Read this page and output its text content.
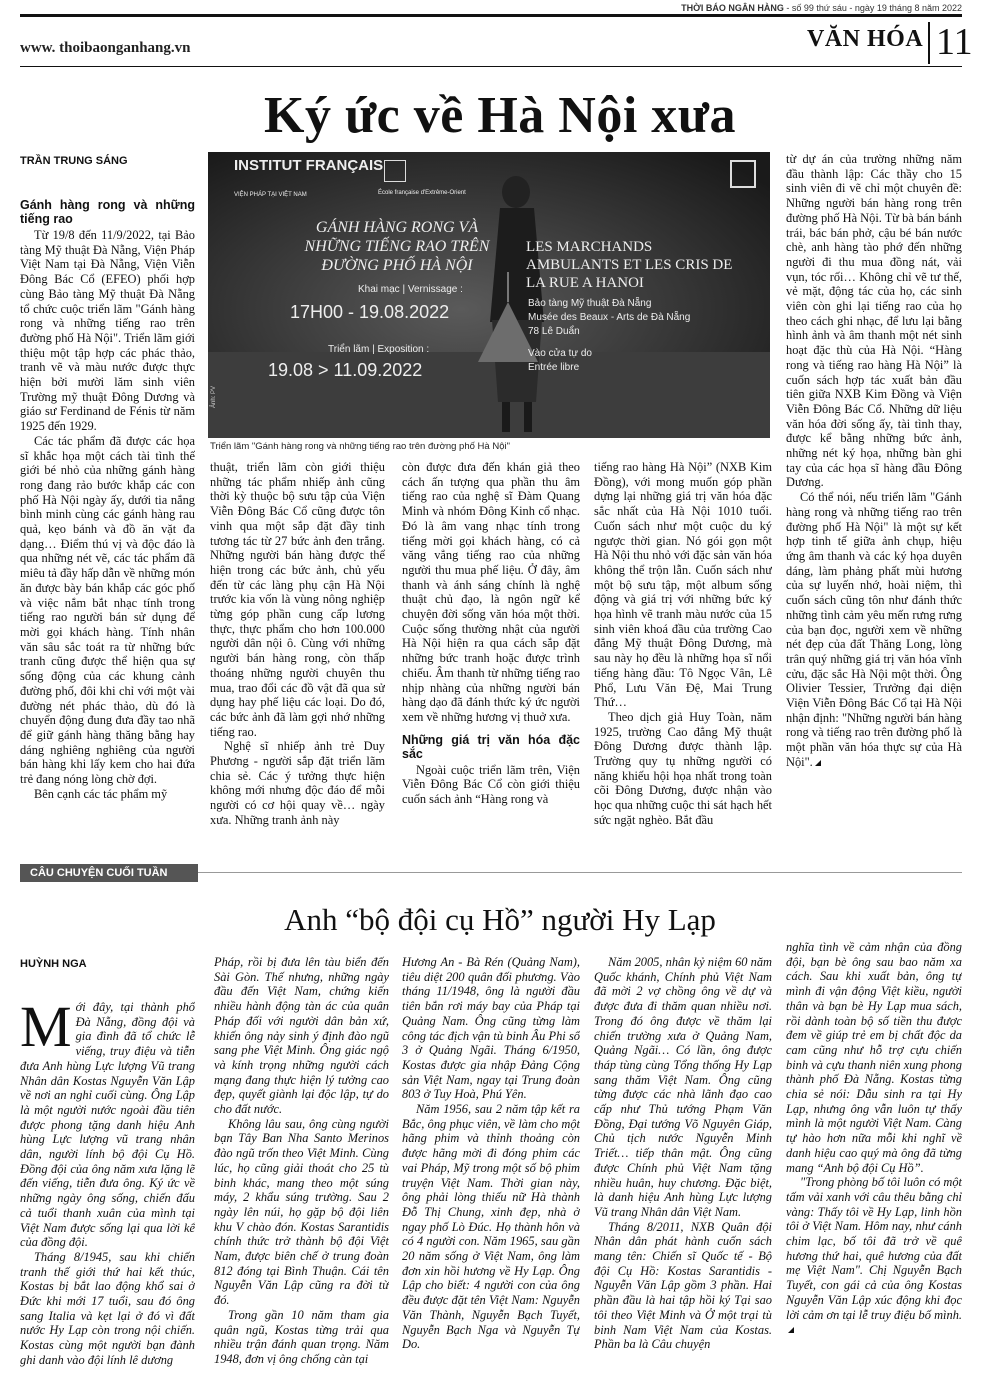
THỜI BÁO NGÂN HÀNG - số 99 thứ sáu - ngày 19 tháng 8 năm 2022
www. thoibaonganhang.vn	VĂN HÓA 11
Ký ức về Hà Nội xưa
TRẦN TRUNG SÁNG
Gánh hàng rong và những tiếng rao

Từ 19/8 đến 11/9/2022, tại Bảo tàng Mỹ thuật Đà Nẵng, Viện Pháp Việt Nam tại Đà Nẵng, Viện Viễn Đông Bác Cổ (EFEO) phối hợp cùng Bảo tàng Mỹ thuật Đà Nẵng tổ chức cuộc triển lãm "Gánh hàng rong và những tiếng rao trên đường phố Hà Nội". Triển lãm giới thiệu một tập hợp các phác thảo, tranh vẽ và màu nước được thực hiện bởi mười lăm sinh viên Trường mỹ thuật Đông Dương và giáo sư Ferdinand de Fénis từ năm 1925 đến 1929.

Các tác phẩm đã được các họa sĩ khắc họa một cách tài tình thế giới bé nhỏ của những gánh hàng rong đang rảo bước khắp các con phố Hà Nội ngày ấy, dưới tia nắng bình minh cùng các gánh hàng rau quả, kẹo bánh và đồ ăn vặt đa dạng… Điểm thú vị và độc đáo là qua những nét vẽ, các tác phẩm đã miêu tả đầy hấp dẫn về những món ăn được bày bán khắp các góc phố và việc nắm bắt nhạc tính trong tiếng rao người bán sử dụng để mời gọi khách hàng. Tính nhân văn sâu sắc toát ra từ những bức tranh cũng được thể hiện qua sự sống động của các khung cảnh đường phố, đôi khi chỉ với một vài đường nét phác thảo, dù đó là chuyển động đung đưa đầy tao nhã để giữ gánh hàng thăng bằng hay dáng nghiêng nghiêng của người bán hàng khi lấy kem cho hai đứa trẻ đang nóng lòng chờ đợi.

Bên cạnh các tác phẩm mỹ

INSTITUT FRANÇAIS
VIỆN PHÁP TẠI VIỆT NAM	École française d'Extrême-Orient
GÁNH HÀNG RONG VÀ NHỮNG TIẾNG RAO TRÊN ĐƯỜNG PHỐ HÀ NỘI
LES MARCHANDS AMBULANTS ET LES CRIS DE LA RUE A HANOI
Khai mạc | Vernissage :
17H00 - 19.08.2022	Bảo tàng Mỹ thuật Đà Nẵng
Musée des Beaux - Arts de Đà Nẵng
78 Lê Duẩn
Triển lãm | Exposition :
19.08 > 11.09.2022
Vào cửa tự do
Entrée libre
Ảnh: PV
Triển lãm "Gánh hàng rong và những tiếng rao trên đường phố Hà Nội"

thuật, triển lãm còn giới thiệu những tác phẩm nhiếp ảnh cũng thời kỳ thuộc bộ sưu tập của Viện Viễn Đông Bác Cổ cũng được tôn vinh qua một sắp đặt đầy tinh tương tác từ 27 bức ảnh đen trắng. Những người bán hàng được thể hiện trong các bức ảnh, chủ yếu đến từ các làng phụ cận Hà Nội trước kia vốn là vùng nông nghiệp từng góp phần cung cấp lương thực, thực phẩm cho hơn 100.000 người dân nội ô. Cùng với những người bán hàng rong, còn thấp thoáng những người chuyên thu mua, trao đổi các đồ vật đã qua sử dụng hay phế liệu các loại. Do đó, các bức ảnh đã làm gợi nhớ những tiếng rao.

Nghệ sĩ nhiếp ảnh trẻ Duy Phương - người sắp đặt triển lãm chia sẻ. Các ý tưởng thực hiện không mới nhưng độc đáo để mỗi người có cơ hội quay về… ngày xưa. Những tranh ảnh này

còn được đưa đến khán giả theo cách ấn tượng qua phần thu âm tiếng rao của nghệ sĩ Đàm Quang Minh và nhóm Đông Kinh cổ nhạc. Đó là âm vang nhạc tính trong tiếng mời gọi khách hàng, có cả văng vẳng tiếng rao của những người thu mua phế liệu. Ở đây, âm thanh và ánh sáng chính là nghệ thuật chủ đạo, là ngôn ngữ kể chuyện đời sống văn hóa một thời. Cuộc sống thường nhật của người Hà Nội hiện ra qua cách sắp đặt những bức tranh hoặc được trình chiếu. Âm thanh từ những tiếng rao nhịp nhàng của những người bán hàng dạo đã đánh thức ký ức người xem về những hương vị thuở xưa.

Những giá trị văn hóa đặc sắc

Ngoài cuộc triển lãm trên, Viện Viễn Đông Bác Cổ còn giới thiệu cuốn sách ảnh “Hàng rong và

tiếng rao hàng Hà Nội” (NXB Kim Đồng), với mong muốn góp phần dựng lại những giá trị văn hóa đặc sắc nhất của Hà Nội 1010 tuổi. Cuốn sách như một cuộc du ký ngược thời gian. Nó gói gọn một Hà Nội thu nhỏ với đặc sản văn hóa không thể trộn lẫn. Cuốn sách như một bộ sưu tập, một album sống động và giá trị với những bức ký họa hình vẽ tranh màu nước của 15 sinh viên khoá đầu của trường Cao đẳng Mỹ thuật Đông Dương, mà sau này họ đều là những họa sĩ nổi tiếng hàng đầu: Tô Ngọc Vân, Lê Phổ, Lưu Văn Đệ, Mai Trung Thứ…

Theo dịch giả Huy Toàn, năm 1925, trường Cao đẳng Mỹ thuật Đông Dương được thành lập. Trường quy tụ những người có năng khiếu hội họa nhất trong toàn cõi Đông Dương, được nhận vào học qua những cuộc thi sát hạch hết sức ngặt nghèo. Bắt đầu

từ dự án của trường những năm đầu thành lập: Các thầy cho 15 sinh viên đi vẽ chỉ một chuyên đề: Những người bán hàng rong trên đường phố Hà Nội. Từ bà bán bánh trái, bác bán phở, cậu bé bán nước chè, anh hàng tào phớ đến những người đi thu mua đồng nát, vải vụn, tóc rối… Không chỉ vẽ tư thế, vẻ mặt, động tác của họ, các sinh viên còn ghi lại tiếng rao của họ theo cách ghi nhạc, để lưu lại bằng hình ảnh và âm thanh một nét sinh hoạt đặc thù của Hà Nội. “Hàng rong và tiếng rao hàng Hà Nội” là cuốn sách hợp tác xuất bản đầu tiên giữa NXB Kim Đồng và Viện Viễn Đông Bác Cổ. Những dữ liệu văn hóa đời sống ấy, tài tình thay, được kể bằng những bức ảnh, những nét ký họa, những bàn ghi tay của các họa sĩ hàng đầu Đông Dương.

Có thể nói, nếu triển lãm "Gánh hàng rong và những tiếng rao trên đường phố Hà Nội" là một sự kết hợp tinh tế giữa ảnh chụp, hiệu ứng âm thanh và các ký họa duyên dáng, làm phảng phất mùi hương của sự luyến nhớ, hoài niệm, thì cuốn sách cũng tôn như đánh thức những tình cảm yêu mến rưng rưng của bạn đọc, người xem về những nét đẹp của đất Thăng Long, lòng trân quý những giá trị văn hóa vĩnh cửu, đặc sắc Hà Nội một thời. Ông Olivier Tessier, Trưởng đại diện Viện Viễn Đông Bác Cổ tại Hà Nội nhận định: "Những người bán hàng rong và tiếng rao trên đường phố là một phần văn hóa thực sự của Hà Nội".

CÂU CHUYỆN CUỐI TUẦN
Anh “bộ đội cụ Hồ” người Hy Lạp
HUỲNH NGA

Mới đây, tại thành phố Đà Nẵng, đồng đội và gia đình đã tổ chức lễ viếng, truy điệu và tiễn đưa Anh hùng Lực lượng Vũ trang Nhân dân Kostas Nguyễn Văn Lập về nơi an nghỉ cuối cùng. Ông Lập là một người nước ngoài đầu tiên được phong tặng danh hiệu Anh hùng Lực lượng vũ trang nhân dân, người lính bộ đội Cụ Hồ. Đồng đội của ông năm xưa lặng lẽ đến viếng, tiễn đưa ông. Ký ức về những ngày ông sống, chiến đấu cả tuổi thanh xuân của mình tại Việt Nam được sống lại qua lời kể của đồng đội.

Tháng 8/1945, sau khi chiến tranh thế giới thứ hai kết thúc, Kostas bị bắt lao động khổ sai ở Đức khi mới 17 tuổi, sau đó ông sang Italia và kẹt lại ở đó vì đất nước Hy Lạp còn trong nội chiến. Kostas cùng một người bạn đành ghi danh vào đội lính lê dương

Pháp, rồi bị đưa lên tàu biển đến Sài Gòn. Thế nhưng, những ngày đầu đến Việt Nam, chứng kiến nhiều hành động tàn ác của quân Pháp đối với người dân bản xứ, khiến ông nảy sinh ý định đào ngũ sang phe Việt Minh. Ông giác ngộ và kính trọng những người cách mạng đang thực hiện lý tưởng cao đẹp, quyết giành lại độc lập, tự do cho đất nước.

Không lâu sau, ông cùng người bạn Tây Ban Nha Santo Merinos đào ngũ trốn theo Việt Minh. Cùng lúc, họ cũng giải thoát cho 25 tù binh khác, mang theo một súng máy, 2 khẩu súng trường. Sau 2 ngày lên núi, họ gặp bộ đội liên khu V chào đón. Kostas Sarantidis chính thức trở thành bộ đội Việt Nam, được biên chế ở trung đoàn 812 đóng tại Bình Thuận. Cái tên Nguyễn Văn Lập cũng ra đời từ đó.

Trong gần 10 năm tham gia quân ngũ, Kostas từng trải qua nhiều trận đánh quan trọng. Năm 1948, đơn vị ông chống càn tại

Hương An - Bà Rén (Quảng Nam), tiêu diệt 200 quân đối phương. Vào tháng 11/1948, ông là người đầu tiên bắn rơi máy bay của Pháp tại Quảng Nam. Ông cũng từng làm công tác địch vận tù binh Âu Phi số 3 ở Quảng Ngãi. Tháng 6/1950, Kostas được gia nhập Đảng Cộng sản Việt Nam, ngay tại Trung đoàn 803 ở Tuy Hoà, Phú Yên.

Năm 1956, sau 2 năm tập kết ra Bắc, ông phục viên, về làm cho một hãng phim và thỉnh thoảng còn được hãng mời đi đóng phim các vai Pháp, Mỹ trong một số bộ phim truyện Việt Nam. Thời gian này, ông phải lòng thiếu nữ Hà thành Đỗ Thị Chung, xinh đẹp, nhà ở ngay phố Lò Đúc. Họ thành hôn và có 4 người con. Năm 1965, sau gần 20 năm sống ở Việt Nam, ông làm đơn xin hồi hương về Hy Lạp. Ông Lập cho biết: 4 người con của ông đều được đặt tên Việt Nam: Nguyễn Văn Thành, Nguyễn Bạch Tuyết, Nguyễn Bạch Nga và Nguyễn Tự Do.

Năm 2005, nhân kỷ niệm 60 năm Quốc khánh, Chính phủ Việt Nam đã mời 2 vợ chồng ông về dự và được đưa đi thăm quan nhiều nơi. Trong đó ông được về thăm lại chiến trường xưa ở Quảng Nam, Quảng Ngãi… Có lần, ông được tháp tùng cùng Tổng thống Hy Lạp sang thăm Việt Nam. Ông cũng từng được các nhà lãnh đạo cao cấp như Thủ tướng Phạm Văn Đồng, Đại tướng Võ Nguyên Giáp, Chủ tịch nước Nguyễn Minh Triết… tiếp thân mật. Ông cũng được Chính phủ Việt Nam tặng nhiều huân, huy chương. Đặc biệt, là danh hiệu Anh hùng Lực lượng Vũ trang Nhân dân Việt Nam.

Tháng 8/2011, NXB Quân đội Nhân dân phát hành cuốn sách mang tên: Chiến sĩ Quốc tế - Bộ đội Cụ Hồ: Kostas Sarantidis - Nguyễn Văn Lập gồm 3 phần. Hai phần đầu là hai tập hồi ký Tại sao tôi theo Việt Minh và Ở một trại tù binh Nam Việt Nam của Kostas. Phần ba là Câu chuyện

nghĩa tình về cảm nhận của đồng đội, bạn bè ông sau bao năm xa cách. Sau khi xuất bản, ông tự mình đi vận động Việt kiều, người thân và bạn bè Hy Lạp mua sách, rồi dành toàn bộ số tiền thu được đem về giúp trẻ em bị chất độc da cam cũng như hỗ trợ cựu chiến binh và cựu thanh niên xung phong thành phố Đà Nẵng. Kostas từng chia sẻ nói: Dẫu sinh ra tại Hy Lạp, nhưng ông vẫn luôn tự thấy mình là một người Việt Nam. Càng tự hào hơn nữa mỗi khi nghĩ về danh hiệu cao quý mà ông đã từng mang “Anh bộ đội Cụ Hồ”.

"Trong phòng bố tôi luôn có một tấm vải xanh với câu thêu bằng chỉ vàng: Thấy tôi về Hy Lạp, linh hồn tôi ở Việt Nam. Hôm nay, như cánh chim lạc, bố tôi đã trở về quê hương thứ hai, quê hương của đất mẹ Việt Nam". Chị Nguyễn Bạch Tuyết, con gái cả của ông Kostas Nguyễn Văn Lập xúc động khi đọc lời cảm ơn tại lễ truy điệu bố mình.
